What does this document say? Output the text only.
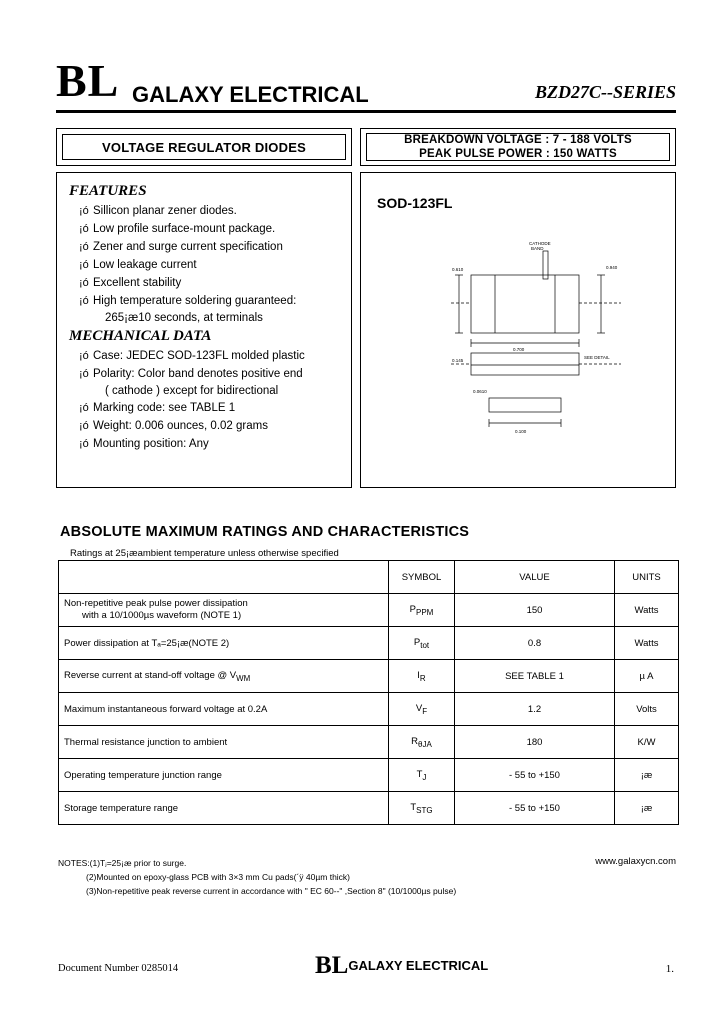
BL GALAXY ELECTRICAL	BZD27C--SERIES
VOLTAGE REGULATOR DIODES	BREAKDOWN VOLTAGE : 7 - 188 VOLTS
PEAK PULSE POWER : 150 WATTS
FEATURES
¡ó Sillicon planar zener diodes.
¡ó Low profile surface-mount package.
¡ó Zener and surge current specification
¡ó Low leakage current
¡ó Excellent stability
¡ó High temperature soldering guaranteed:
265¡æ10 seconds, at terminals
MECHANICAL DATA
¡ó Case: JEDEC SOD-123FL molded plastic
¡ó Polarity: Color band denotes positive end
( cathode ) except for bidirectional
¡ó Marking code: see TABLE 1
¡ó Weight: 0.006 ounces, 0.02 grams
¡ó Mounting position: Any
SOD-123FL
CATHODE
BAND
0.610	0.940
0.700
0.145
SEE DETAIL
0.0610
0.100
ABSOLUTE MAXIMUM RATINGS AND CHARACTERISTICS
Ratings at 25¡æambient temperature unless otherwise specified
	SYMBOL	VALUE	UNITS
Non-repetitive peak pulse power dissipation
with a 10/1000µs waveform (NOTE 1)	$P_{PPM}$	150	Watts
Power dissipation at Tₐ=25¡æ(NOTE 2)	$P_{tot}$	0.8	Watts
Reverse current at stand-off voltage @ $V_{WM}$	$I_R$	SEE TABLE 1	µ A
Maximum instantaneous forward voltage at 0.2A	$V_F$	1.2	Volts
Thermal resistance junction to ambient	$R_{\theta JA}$	180	K/W
Operating temperature junction range	$T_J$	- 55 to +150	¡æ
Storage temperature range	$T_{STG}$	- 55 to +150	¡æ
NOTES:(1)Tⱼ=25¡æ prior to surge.
(2)Mounted on epoxy-glass PCB with 3×3 mm Cu pads(´ÿ 40µm thick)
(3)Non-repetitive peak reverse current in accordance with " EC 60--" ,Section 8" (10/1000µs pulse)
www.galaxycn.com
Document Number 0285014	BLGALAXY ELECTRICAL	1.
